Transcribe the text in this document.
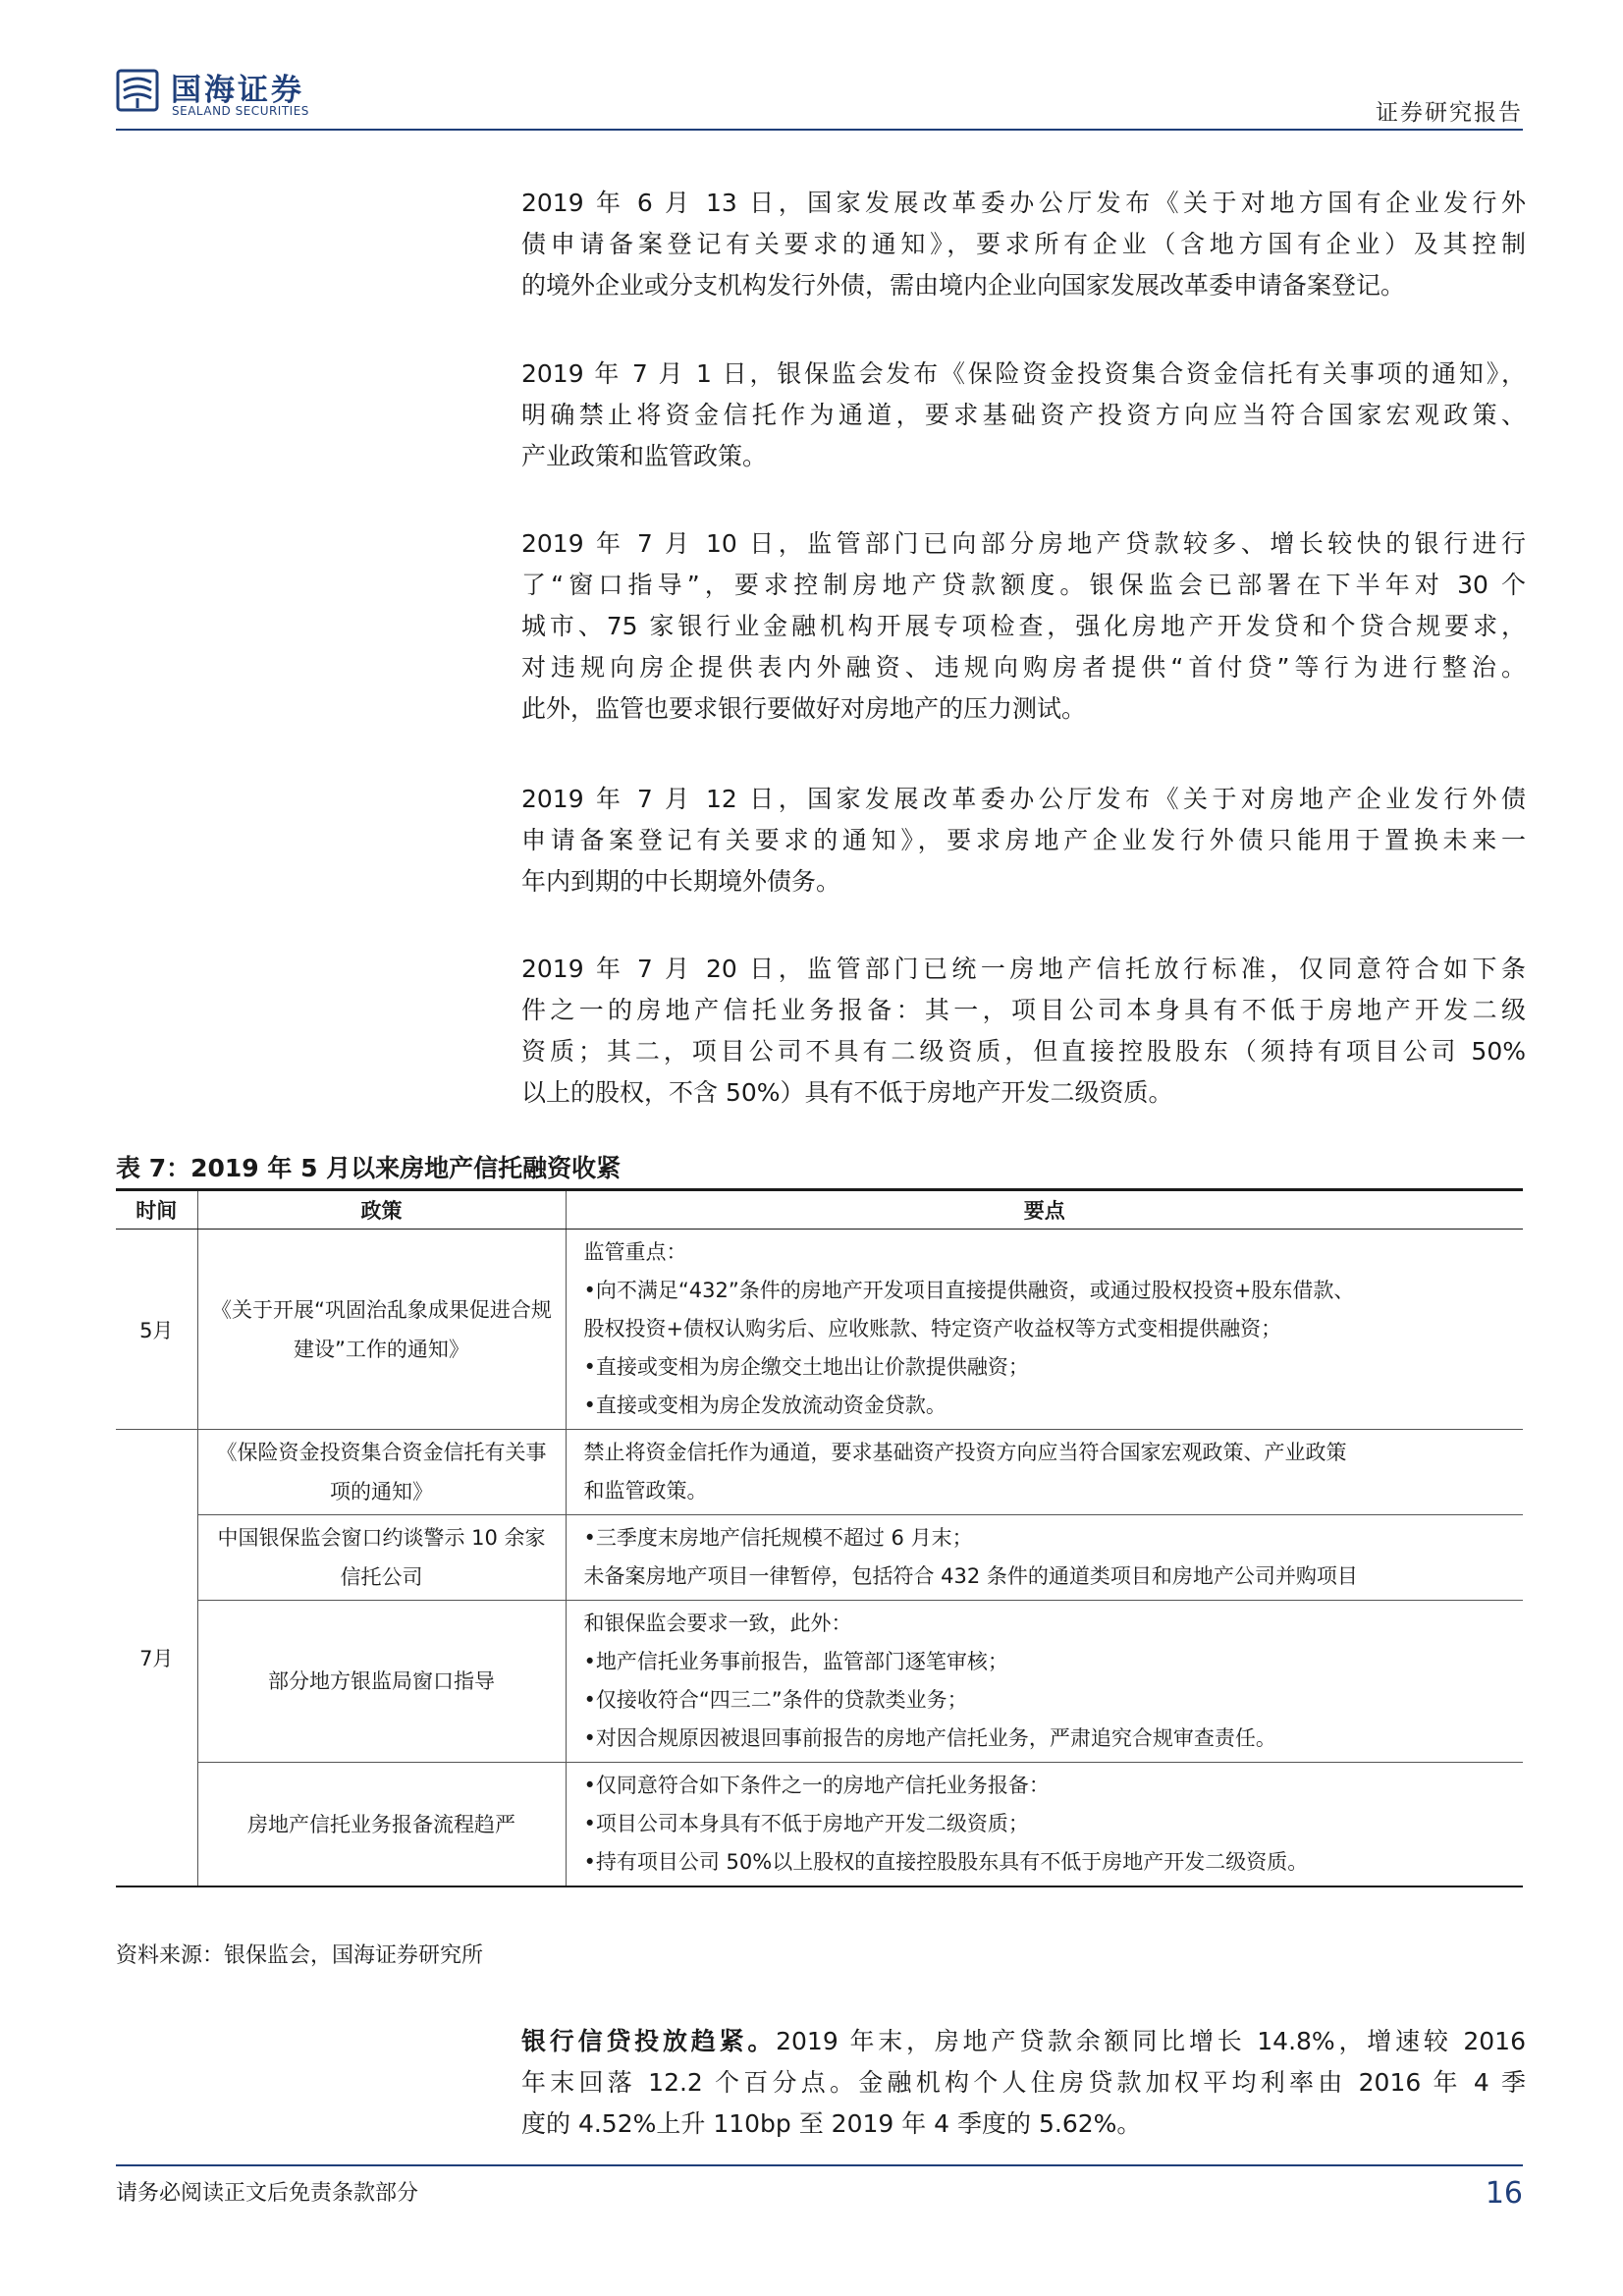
国海证券
SEALAND SECURITIES	证券研究报告
2019 年 6 月 13 日，国家发展改革委办公厅发布《关于对地方国有企业发行外
债申请备案登记有关要求的通知》，要求所有企业（含地方国有企业）及其控制
的境外企业或分支机构发行外债，需由境内企业向国家发展改革委申请备案登记。
2019 年 7 月 1 日，银保监会发布《保险资金投资集合资金信托有关事项的通知》，
明确禁止将资金信托作为通道，要求基础资产投资方向应当符合国家宏观政策、
产业政策和监管政策。
2019 年 7 月 10 日，监管部门已向部分房地产贷款较多、增长较快的银行进行
了“窗口指导”，要求控制房地产贷款额度。银保监会已部署在下半年对 30 个
城市、75 家银行业金融机构开展专项检查，强化房地产开发贷和个贷合规要求，
对违规向房企提供表内外融资、违规向购房者提供“首付贷”等行为进行整治。
此外，监管也要求银行要做好对房地产的压力测试。
2019 年 7 月 12 日，国家发展改革委办公厅发布《关于对房地产企业发行外债
申请备案登记有关要求的通知》，要求房地产企业发行外债只能用于置换未来一
年内到期的中长期境外债务。
2019 年 7 月 20 日，监管部门已统一房地产信托放行标准，仅同意符合如下条
件之一的房地产信托业务报备：其一，项目公司本身具有不低于房地产开发二级
资质；其二，项目公司不具有二级资质，但直接控股股东（须持有项目公司 50%
以上的股权，不含 50%）具有不低于房地产开发二级资质。
表 7：2019 年 5 月以来房地产信托融资收紧
时间	政策	要点
5月	《关于开展“巩固治乱象成果促进合规建设”工作的通知》	监管重点：
•向不满足“432”条件的房地产开发项目直接提供融资，或通过股权投资+股东借款、
股权投资+债权认购劣后、应收账款、特定资产收益权等方式变相提供融资；
•直接或变相为房企缴交土地出让价款提供融资；
•直接或变相为房企发放流动资金贷款。

7月	《保险资金投资集合资金信托有关事项的通知》	禁止将资金信托作为通道，要求基础资产投资方向应当符合国家宏观政策、产业政策
和监管政策。

	中国银保监会窗口约谈警示 10 余家信托公司	•三季度末房地产信托规模不超过 6 月末；
未备案房地产项目一律暂停，包括符合 432 条件的通道类项目和房地产公司并购项目

	部分地方银监局窗口指导	和银保监会要求一致，此外：
•地产信托业务事前报告，监管部门逐笔审核；
•仅接收符合“四三二”条件的贷款类业务；
•对因合规原因被退回事前报告的房地产信托业务，严肃追究合规审查责任。

	房地产信托业务报备流程趋严	•仅同意符合如下条件之一的房地产信托业务报备：
•项目公司本身具有不低于房地产开发二级资质；
•持有项目公司 50%以上股权的直接控股股东具有不低于房地产开发二级资质。
资料来源：银保监会，国海证券研究所
银行信贷投放趋紧。2019 年末，房地产贷款余额同比增长 14.8%，增速较 2016
年末回落 12.2 个百分点。金融机构个人住房贷款加权平均利率由 2016 年 4 季
度的 4.52%上升 110bp 至 2019 年 4 季度的 5.62%。
请务必阅读正文后免责条款部分	16
